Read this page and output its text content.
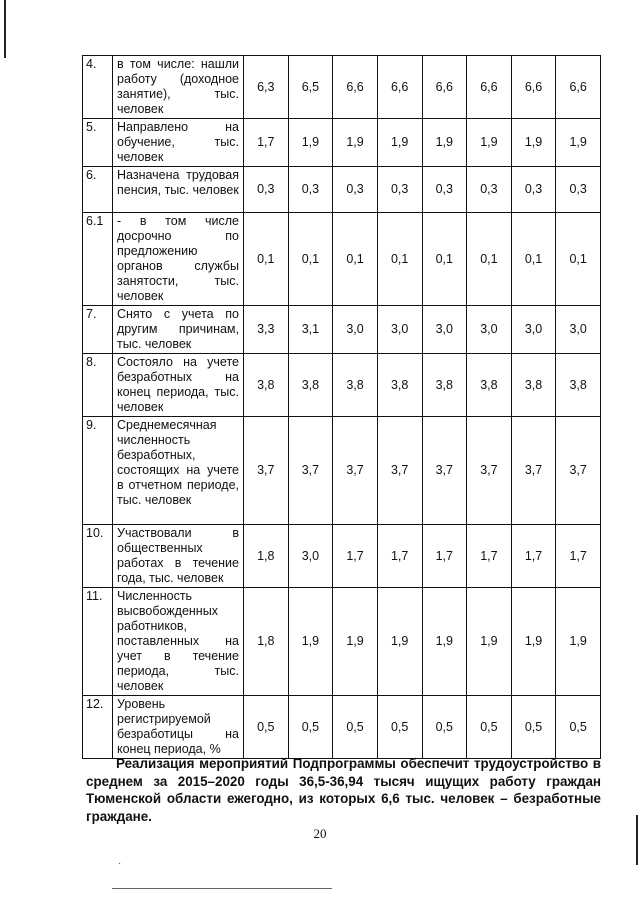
4.	в том числе: нашли работу (доходное занятие), тыс. человек	6,3	6,5	6,6	6,6	6,6	6,6	6,6	6,6
5.	Направлено на обучение, тыс. человек	1,7	1,9	1,9	1,9	1,9	1,9	1,9	1,9
6.	Назначена трудовая пенсия, тыс. человек	0,3	0,3	0,3	0,3	0,3	0,3	0,3	0,3
6.1	- в том числе досрочно по предложению органов службы занятости, тыс. человек	0,1	0,1	0,1	0,1	0,1	0,1	0,1	0,1
7.	Снято с учета по другим причинам, тыс. человек	3,3	3,1	3,0	3,0	3,0	3,0	3,0	3,0
8.	Состояло на учете безработных на конец периода, тыс. человек	3,8	3,8	3,8	3,8	3,8	3,8	3,8	3,8
9.	Среднемесячная численность безработных, состоящих на учете в отчетном периоде, тыс. человек	3,7	3,7	3,7	3,7	3,7	3,7	3,7	3,7
10.	Участвовали в общественных работах в течение года, тыс. человек	1,8	3,0	1,7	1,7	1,7	1,7	1,7	1,7
11.	Численность высвобожденных работников, поставленных на учет в течение периода, тыс. человек	1,8	1,9	1,9	1,9	1,9	1,9	1,9	1,9
12.	Уровень регистрируемой безработицы на конец периода, %	0,5	0,5	0,5	0,5	0,5	0,5	0,5	0,5
Реализация мероприятий Подпрограммы обеспечит трудоустройство в среднем за 2015–2020 годы 36,5-36,94 тысяч ищущих работу граждан Тюменской области ежегодно, из которых 6,6 тыс. человек – безработные граждане.
20
·
